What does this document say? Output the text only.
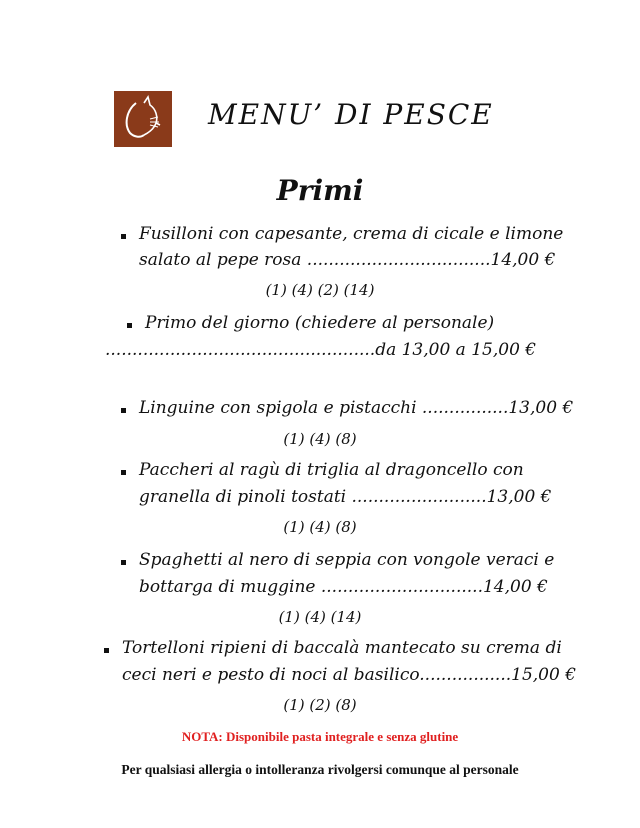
MENU’ DI PESCE
Primi
Fusilloni con capesante, crema di cicale e limone
salato al pepe rosa ..................................14,00 €
(1) (4) (2) (14)
Primo del giorno (chiedere al personale)
..................................................da 13,00 a 15,00 €
Linguine con spigola e pistacchi ................13,00 €
(1) (4) (8)
Paccheri al ragù di triglia al dragoncello con
granella di pinoli tostati .........................13,00 €
(1) (4) (8)
Spaghetti al nero di seppia con vongole veraci e
bottarga di muggine ..............................14,00 €
(1) (4) (14)
Tortelloni ripieni di baccalà mantecato su crema di
ceci neri e pesto di noci al basilico.................15,00 €
(1) (2) (8)
NOTA: Disponibile pasta integrale e senza glutine
Per qualsiasi allergia o intolleranza rivolgersi comunque al personale
